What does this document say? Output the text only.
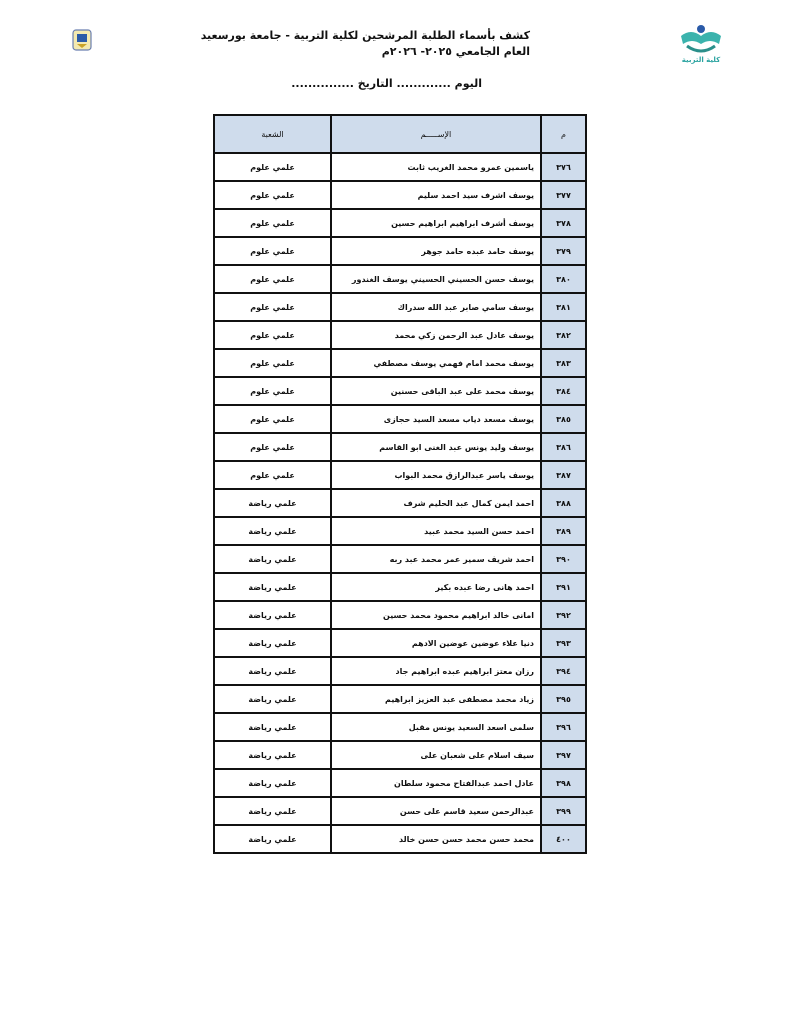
كلية التربية
كشف بأسماء الطلبة المرشحين لكلية التربية - جامعة بورسعيد
العام الجامعي ٢٠٢٥- ٢٠٢٦م
اليوم ............. التاريخ ...............
م	الإســـــم	الشعبة
٣٧٦	ياسمين عمرو محمد الغريب ثابت	علمي علوم
٣٧٧	يوسف اشرف سيد احمد سليم	علمي علوم
٣٧٨	يوسف أشرف ابراهيم ابراهيم حسين	علمي علوم
٣٧٩	يوسف حامد عبده حامد جوهر	علمي علوم
٣٨٠	يوسف حسن الحسيني الحسيني يوسف الغندور	علمي علوم
٣٨١	يوسف سامي صابر عبد الله سدراك	علمي علوم
٣٨٢	يوسف عادل عبد الرحمن زكي محمد	علمي علوم
٣٨٣	يوسف محمد امام فهمي يوسف مصطفي	علمي علوم
٣٨٤	يوسف محمد على عبد الباقى حسنين	علمي علوم
٣٨٥	يوسف مسعد دياب مسعد السيد حجازى	علمي علوم
٣٨٦	يوسف وليد يونس عبد الغنى ابو القاسم	علمي علوم
٣٨٧	يوسف ياسر عبدالرازق محمد البواب	علمي علوم
٣٨٨	احمد ايمن كمال عبد الحليم شرف	علمي رياضة
٣٨٩	احمد حسن السيد محمد عبيد	علمي رياضة
٣٩٠	احمد شريف سمير عمر محمد عبد ربه	علمي رياضة
٣٩١	احمد هانى رضا عبده بكير	علمي رياضة
٣٩٢	امانى خالد ابراهيم محمود محمد حسين	علمي رياضة
٣٩٣	دنيا علاء عوضين عوضين الادهم	علمي رياضة
٣٩٤	رزان معتز ابراهيم عبده ابراهيم جاد	علمي رياضة
٣٩٥	زياد محمد مصطفى عبد العزيز ابراهيم	علمي رياضة
٣٩٦	سلمى اسعد السعيد يونس مقبل	علمي رياضة
٣٩٧	سيف اسلام على شعبان على	علمي رياضة
٣٩٨	عادل احمد عبدالفتاح محمود سلطان	علمي رياضة
٣٩٩	عبدالرحمن سعيد قاسم على حسن	علمي رياضة
٤٠٠	محمد حسن محمد حسن حسن خالد	علمي رياضة
